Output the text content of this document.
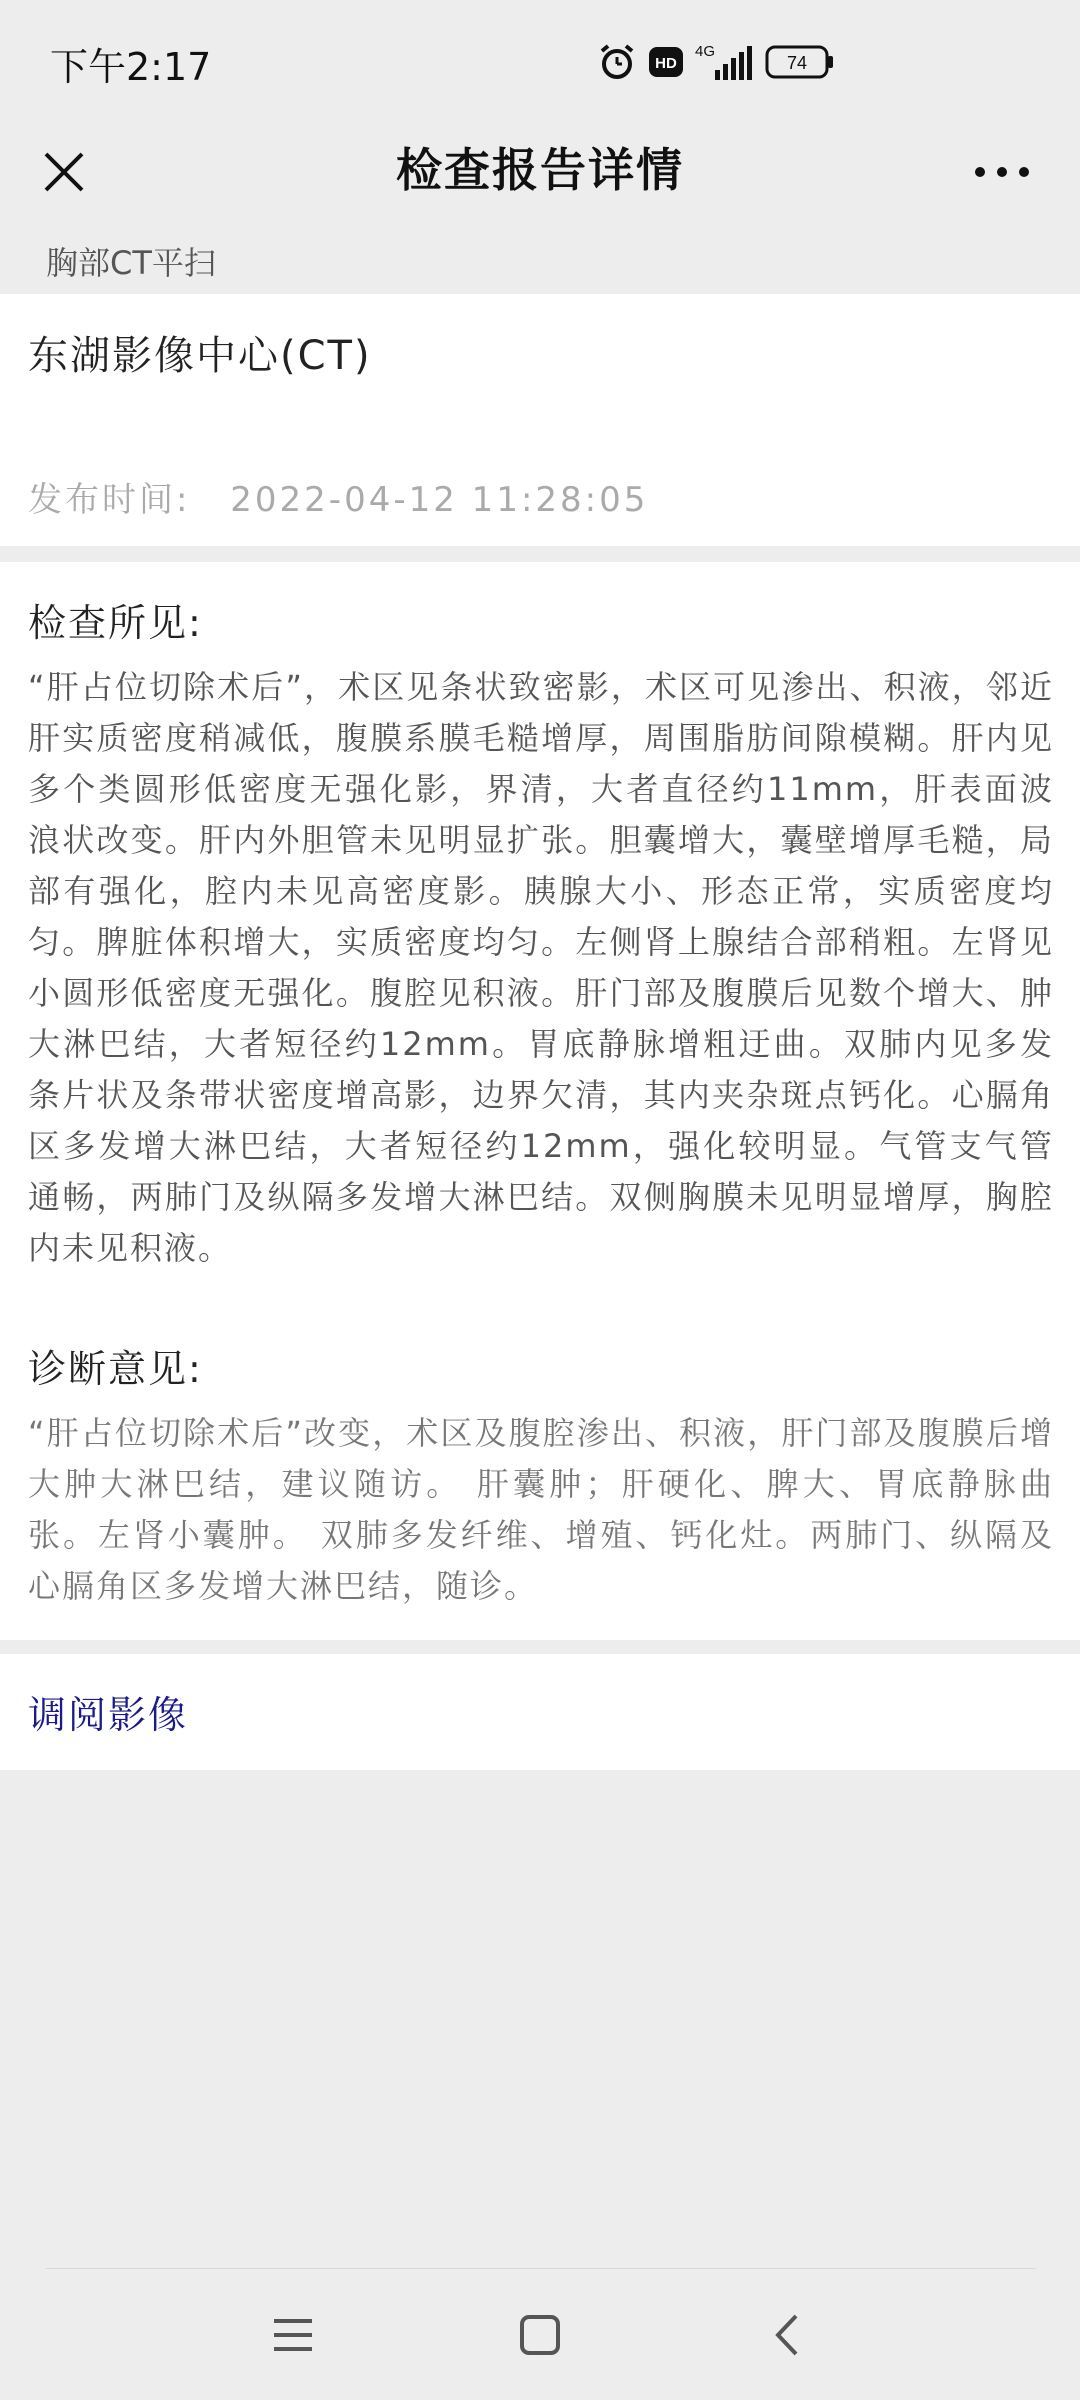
下午2:17	HD
4G
74
检查报告详情
胸部CT平扫
东湖影像中心(CT)
发布时间: 2022-04-12 11:28:05
检查所见:
“肝占位切除术后”，术区见条状致密影，术区可见渗出、积液，邻近肝实质密度稍减低，腹膜系膜毛糙增厚，周围脂肪间隙模糊。肝内见多个类圆形低密度无强化影，界清，大者直径约11mm，肝表面波浪状改变。肝内外胆管未见明显扩张。胆囊增大，囊壁增厚毛糙，局部有强化，腔内未见高密度影。胰腺大小、形态正常，实质密度均匀。脾脏体积增大，实质密度均匀。左侧肾上腺结合部稍粗。左肾见小圆形低密度无强化。腹腔见积液。肝门部及腹膜后见数个增大、肿大淋巴结，大者短径约12mm。胃底静脉增粗迂曲。双肺内见多发条片状及条带状密度增高影，边界欠清，其内夹杂斑点钙化。心膈角区多发增大淋巴结，大者短径约12mm，强化较明显。气管支气管通畅，两肺门及纵隔多发增大淋巴结。双侧胸膜未见明显增厚，胸腔内未见积液。
诊断意见:
“肝占位切除术后”改变，术区及腹腔渗出、积液，肝门部及腹膜后增大肿大淋巴结，建议随访。 肝囊肿；肝硬化、脾大、胃底静脉曲张。左肾小囊肿。 双肺多发纤维、增殖、钙化灶。两肺门、纵隔及心膈角区多发增大淋巴结，随诊。
调阅影像
